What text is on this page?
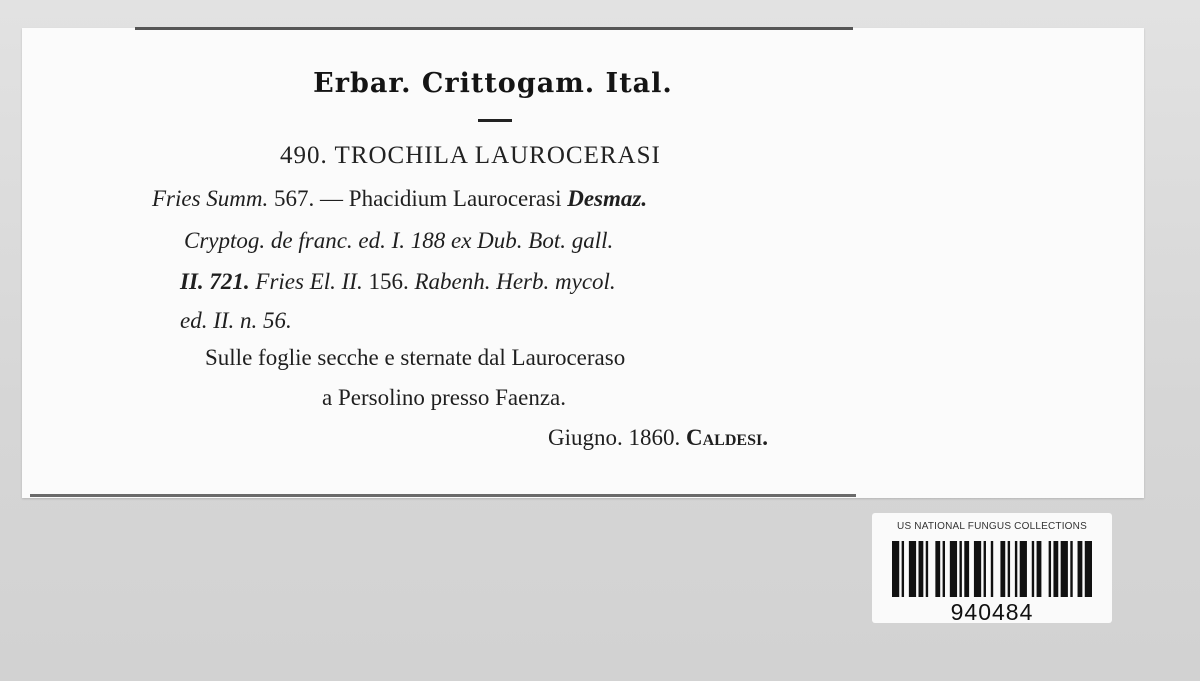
Erbar. Crittogam. Ital.
490. TROCHILA LAUROCERASI
Fries Summ. 567. — Phacidium Laurocerasi Desmaz.
Cryptog. de franc. ed. I. 188 ex Dub. Bot. gall.
II. 721. Fries El. II. 156. Rabenh. Herb. mycol.
ed. II. n. 56.
Sulle foglie secche e sternate dal Lauroceraso
a Persolino presso Faenza.
Giugno. 1860. Caldesi.
US NATIONAL FUNGUS COLLECTIONS
940484
